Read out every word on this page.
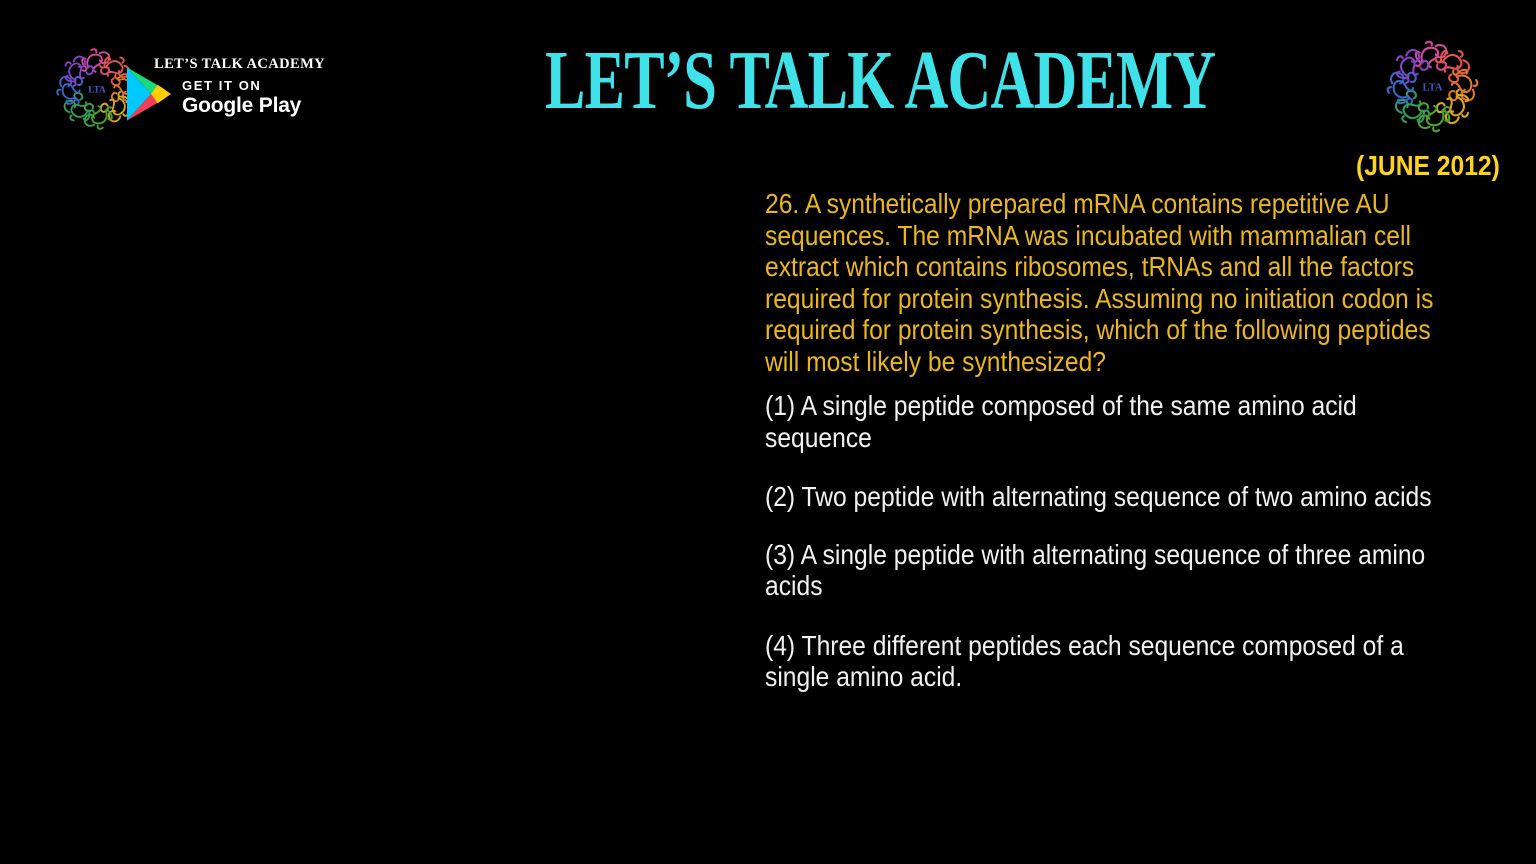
LTA
LET’S TALK ACADEMY
GET IT ON
Google Play	LET’S TALK ACADEMY	LTA
(JUNE 2012)
26. A synthetically prepared mRNA contains repetitive AU
sequences. The mRNA was incubated with mammalian cell
extract which contains ribosomes, tRNAs and all the factors
required for protein synthesis. Assuming no initiation codon is
required for protein synthesis, which of the following peptides
will most likely be synthesized?
(1) A single peptide composed of the same amino acid
sequence
(2) Two peptide with alternating sequence of two amino acids
(3) A single peptide with alternating sequence of three amino
acids
(4) Three different peptides each sequence composed of a
single amino acid.
